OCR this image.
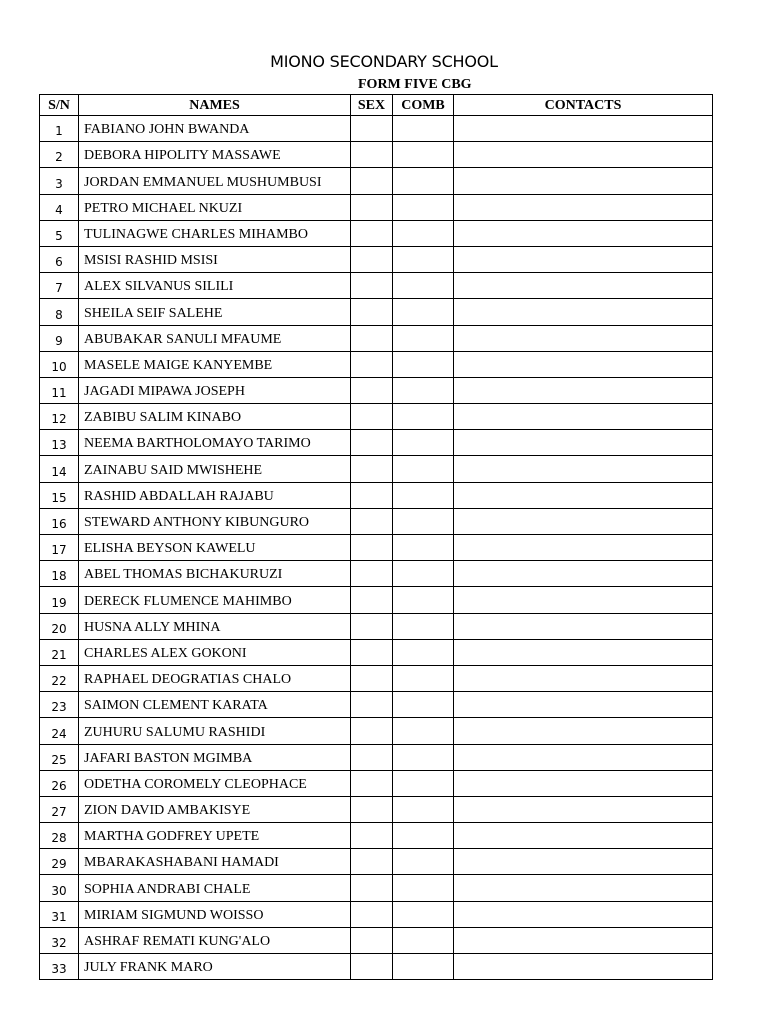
MIONO SECONDARY SCHOOL
FORM FIVE CBG
S/N	NAMES	SEX	COMB	CONTACTS
1	FABIANO JOHN BWANDA			
2	DEBORA HIPOLITY MASSAWE			
3	JORDAN EMMANUEL MUSHUMBUSI			
4	PETRO MICHAEL NKUZI			
5	TULINAGWE CHARLES MIHAMBO			
6	MSISI RASHID MSISI			
7	ALEX SILVANUS SILILI			
8	SHEILA SEIF SALEHE			
9	ABUBAKAR SANULI MFAUME			
10	MASELE MAIGE KANYEMBE			
11	JAGADI MIPAWA JOSEPH			
12	ZABIBU SALIM KINABO			
13	NEEMA BARTHOLOMAYO TARIMO			
14	ZAINABU SAID MWISHEHE			
15	RASHID ABDALLAH RAJABU			
16	STEWARD ANTHONY KIBUNGURO			
17	ELISHA BEYSON KAWELU			
18	ABEL THOMAS BICHAKURUZI			
19	DERECK FLUMENCE MAHIMBO			
20	HUSNA ALLY MHINA			
21	CHARLES ALEX GOKONI			
22	RAPHAEL DEOGRATIAS CHALO			
23	SAIMON CLEMENT KARATA			
24	ZUHURU SALUMU RASHIDI			
25	JAFARI BASTON MGIMBA			
26	ODETHA COROMELY CLEOPHACE			
27	ZION DAVID AMBAKISYE			
28	MARTHA GODFREY UPETE			
29	MBARAKASHABANI HAMADI			
30	SOPHIA ANDRABI CHALE			
31	MIRIAM SIGMUND WOISSO			
32	ASHRAF REMATI KUNG'ALO			
33	JULY FRANK MARO			
